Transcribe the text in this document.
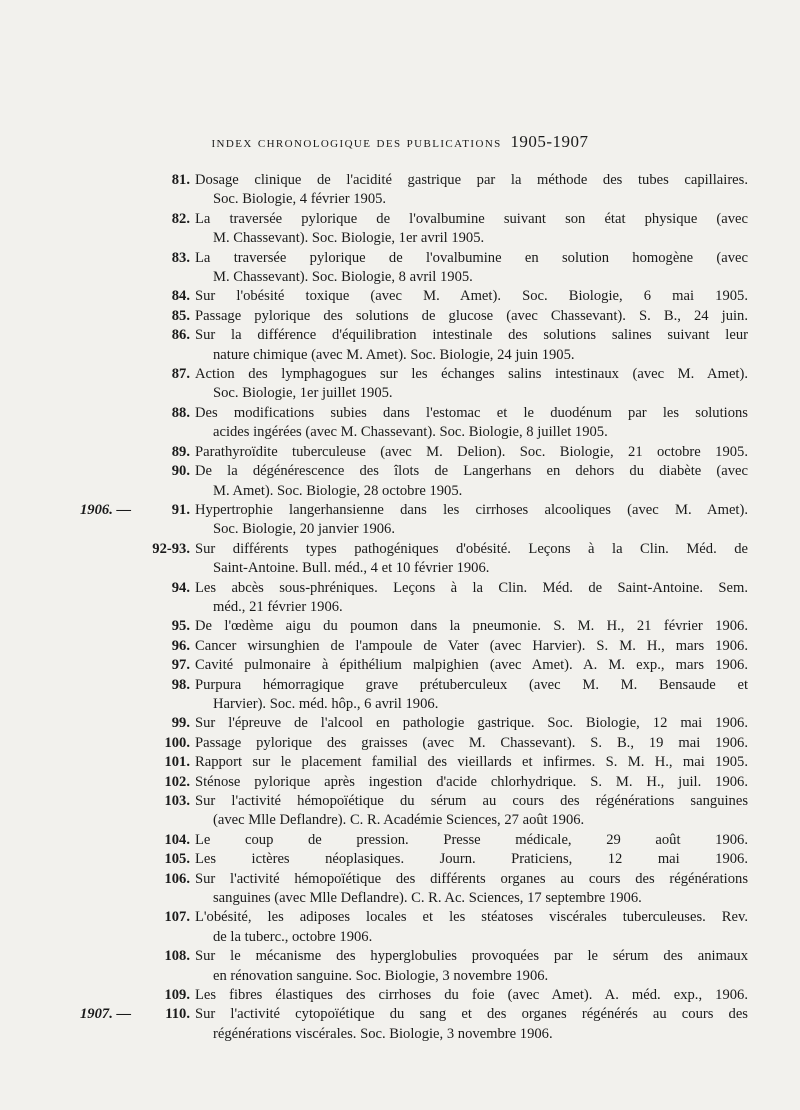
index chronologique des publications 1905-1907
81. Dosage clinique de l'acidité gastrique par la méthode des tubes capillaires.
Soc. Biologie, 4 février 1905.
82. La traversée pylorique de l'ovalbumine suivant son état physique (avec
M. Chassevant). Soc. Biologie, 1er avril 1905.
83. La traversée pylorique de l'ovalbumine en solution homogène (avec
M. Chassevant). Soc. Biologie, 8 avril 1905.
84. Sur l'obésité toxique (avec M. Amet). Soc. Biologie, 6 mai 1905.
85. Passage pylorique des solutions de glucose (avec Chassevant). S. B., 24 juin.
86. Sur la différence d'équilibration intestinale des solutions salines suivant leur
nature chimique (avec M. Amet). Soc. Biologie, 24 juin 1905.
87. Action des lymphagogues sur les échanges salins intestinaux (avec M. Amet).
Soc. Biologie, 1er juillet 1905.
88. Des modifications subies dans l'estomac et le duodénum par les solutions
acides ingérées (avec M. Chassevant). Soc. Biologie, 8 juillet 1905.
89. Parathyroïdite tuberculeuse (avec M. Delion). Soc. Biologie, 21 octobre 1905.
90. De la dégénérescence des îlots de Langerhans en dehors du diabète (avec
M. Amet). Soc. Biologie, 28 octobre 1905.
1906. —	91. Hypertrophie langerhansienne dans les cirrhoses alcooliques (avec M. Amet).
Soc. Biologie, 20 janvier 1906.
92-93. Sur différents types pathogéniques d'obésité. Leçons à la Clin. Méd. de
Saint-Antoine. Bull. méd., 4 et 10 février 1906.
94. Les abcès sous-phréniques. Leçons à la Clin. Méd. de Saint-Antoine. Sem.
méd., 21 février 1906.
95. De l'œdème aigu du poumon dans la pneumonie. S. M. H., 21 février 1906.
96. Cancer wirsunghien de l'ampoule de Vater (avec Harvier). S. M. H., mars 1906.
97. Cavité pulmonaire à épithélium malpighien (avec Amet). A. M. exp., mars 1906.
98. Purpura hémorragique grave prétuberculeux (avec M. M. Bensaude et
Harvier). Soc. méd. hôp., 6 avril 1906.
99. Sur l'épreuve de l'alcool en pathologie gastrique. Soc. Biologie, 12 mai 1906.
100. Passage pylorique des graisses (avec M. Chassevant). S. B., 19 mai 1906.
101. Rapport sur le placement familial des vieillards et infirmes. S. M. H., mai 1905.
102. Sténose pylorique après ingestion d'acide chlorhydrique. S. M. H., juil. 1906.
103. Sur l'activité hémopoïétique du sérum au cours des régénérations sanguines
(avec Mlle Deflandre). C. R. Académie Sciences, 27 août 1906.
104. Le coup de pression. Presse médicale, 29 août 1906.
105. Les ictères néoplasiques. Journ. Praticiens, 12 mai 1906.
106. Sur l'activité hémopoïétique des différents organes au cours des régénérations
sanguines (avec Mlle Deflandre). C. R. Ac. Sciences, 17 septembre 1906.
107. L'obésité, les adiposes locales et les stéatoses viscérales tuberculeuses. Rev.
de la tuberc., octobre 1906.
108. Sur le mécanisme des hyperglobulies provoquées par le sérum des animaux
en rénovation sanguine. Soc. Biologie, 3 novembre 1906.
109. Les fibres élastiques des cirrhoses du foie (avec Amet). A. méd. exp., 1906.
1907. —	110. Sur l'activité cytopoïétique du sang et des organes régénérés au cours des
régénérations viscérales. Soc. Biologie, 3 novembre 1906.
